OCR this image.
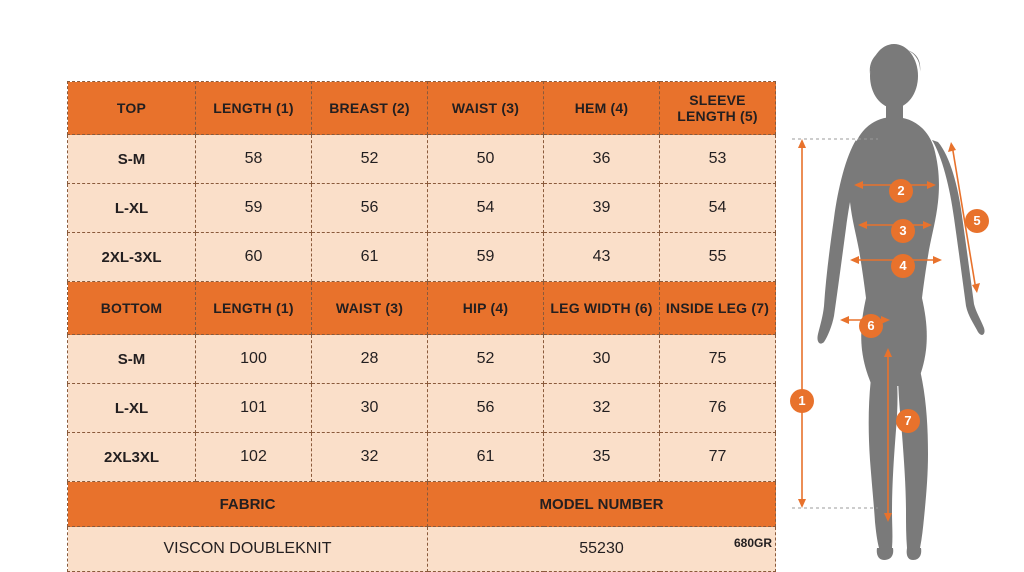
TOP	LENGTH (1)	BREAST (2)	WAIST (3)	HEM (4)	SLEEVE LENGTH (5)
S-M	58	52	50	36	53
L-XL	59	56	54	39	54
2XL-3XL	60	61	59	43	55
BOTTOM	LENGTH (1)	WAIST (3)	HIP (4)	LEG WIDTH (6)	INSIDE LEG (7)
S-M	100	28	52	30	75
L-XL	101	30	56	32	76
2XL3XL	102	32	61	35	77
FABRIC			MODEL NUMBER		
VISCON DOUBLEKNIT			55230			680GR
1
2
3
4
5
6
7
